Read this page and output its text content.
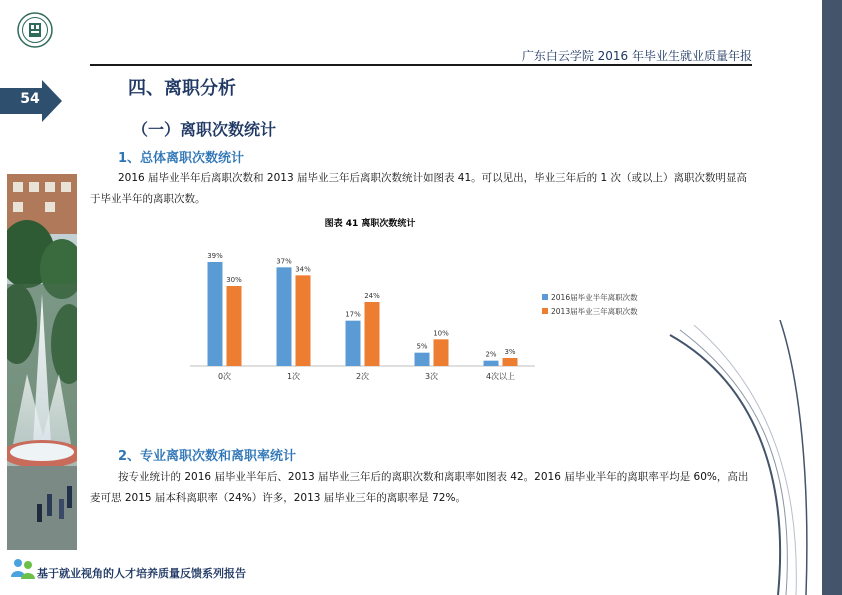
广东白云学院 2016 年毕业生就业质量年报
54	四、离职分析
（一）离职次数统计
1、总体离职次数统计
2016 届毕业半年后离职次数和 2013 届毕业三年后离职次数统计如图表 41。可以见出，毕业三年后的 1 次（或以上）离职次数明显高于毕业半年的离职次数。
图表 41 离职次数统计
39%
30%
0次
37%
34%
1次
17%
24%
2次
5%
10%
3次
2% 3%
4次以上
2016届毕业半年离职次数
2013届毕业三年离职次数
2、专业离职次数和离职率统计
按专业统计的 2016 届毕业半年后、2013 届毕业三年后的离职次数和离职率如图表 42。2016 届毕业半年的离职率平均是 60%，高出麦可思 2015 届本科离职率（24%）许多，2013 届毕业三年的离职率是 72%。
基于就业视角的人才培养质量反馈系列报告
